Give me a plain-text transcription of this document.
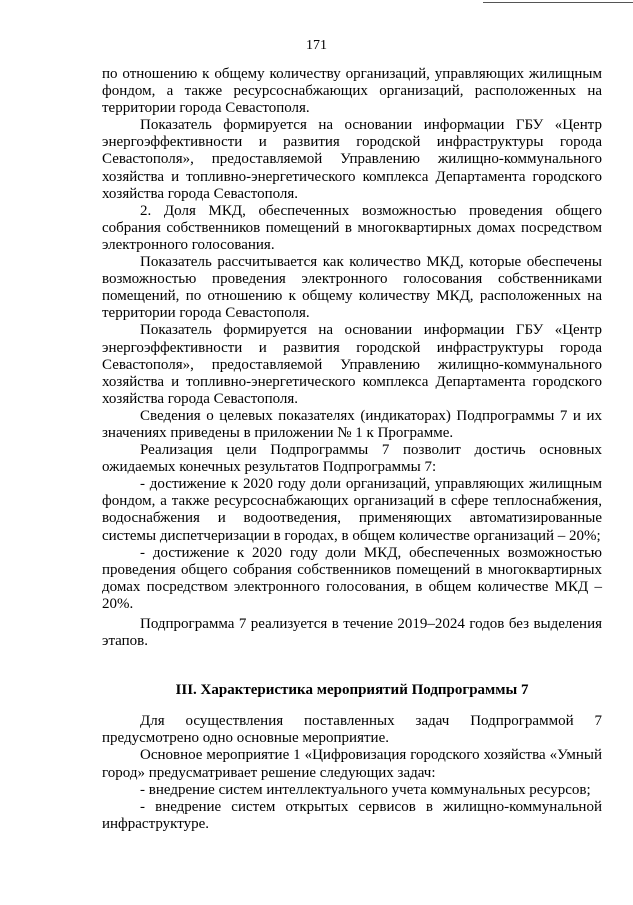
171

по отношению к общему количеству организаций, управляющих жилищным фондом, а также ресурсоснабжающих организаций, расположенных на территории города Севастополя.

Показатель формируется на основании информации ГБУ «Центр энергоэффективности и развития городской инфраструктуры города Севастополя», предоставляемой Управлению жилищно-коммунального хозяйства и топливно-энергетического комплекса Департамента городского хозяйства города Севастополя.

2. Доля МКД, обеспеченных возможностью проведения общего собрания собственников помещений в многоквартирных домах посредством электронного голосования.

Показатель рассчитывается как количество МКД, которые обеспечены возможностью проведения электронного голосования собственниками помещений, по отношению к общему количеству МКД, расположенных на территории города Севастополя.

Показатель формируется на основании информации ГБУ «Центр энергоэффективности и развития городской инфраструктуры города Севастополя», предоставляемой Управлению жилищно-коммунального хозяйства и топливно-энергетического комплекса Департамента городского хозяйства города Севастополя.

Сведения о целевых показателях (индикаторах) Подпрограммы 7 и их значениях приведены в приложении № 1 к Программе.

Реализация цели Подпрограммы 7 позволит достичь основных ожидаемых конечных результатов Подпрограммы 7:

- достижение к 2020 году доли организаций, управляющих жилищным фондом, а также ресурсоснабжающих организаций в сфере теплоснабжения, водоснабжения и водоотведения, применяющих автоматизированные системы диспетчеризации в городах, в общем количестве организаций – 20%;

- достижение к 2020 году доли МКД, обеспеченных возможностью проведения общего собрания собственников помещений в многоквартирных домах посредством электронного голосования, в общем количестве МКД – 20%.

Подпрограмма 7 реализуется в течение 2019–2024 годов без выделения этапов.

III. Характеристика мероприятий Подпрограммы 7

Для осуществления поставленных задач Подпрограммой 7 предусмотрено одно основные мероприятие.

Основное мероприятие 1 «Цифровизация городского хозяйства «Умный город» предусматривает решение следующих задач:

- внедрение систем интеллектуального учета коммунальных ресурсов;

- внедрение систем открытых сервисов в жилищно-коммунальной инфраструктуре.
